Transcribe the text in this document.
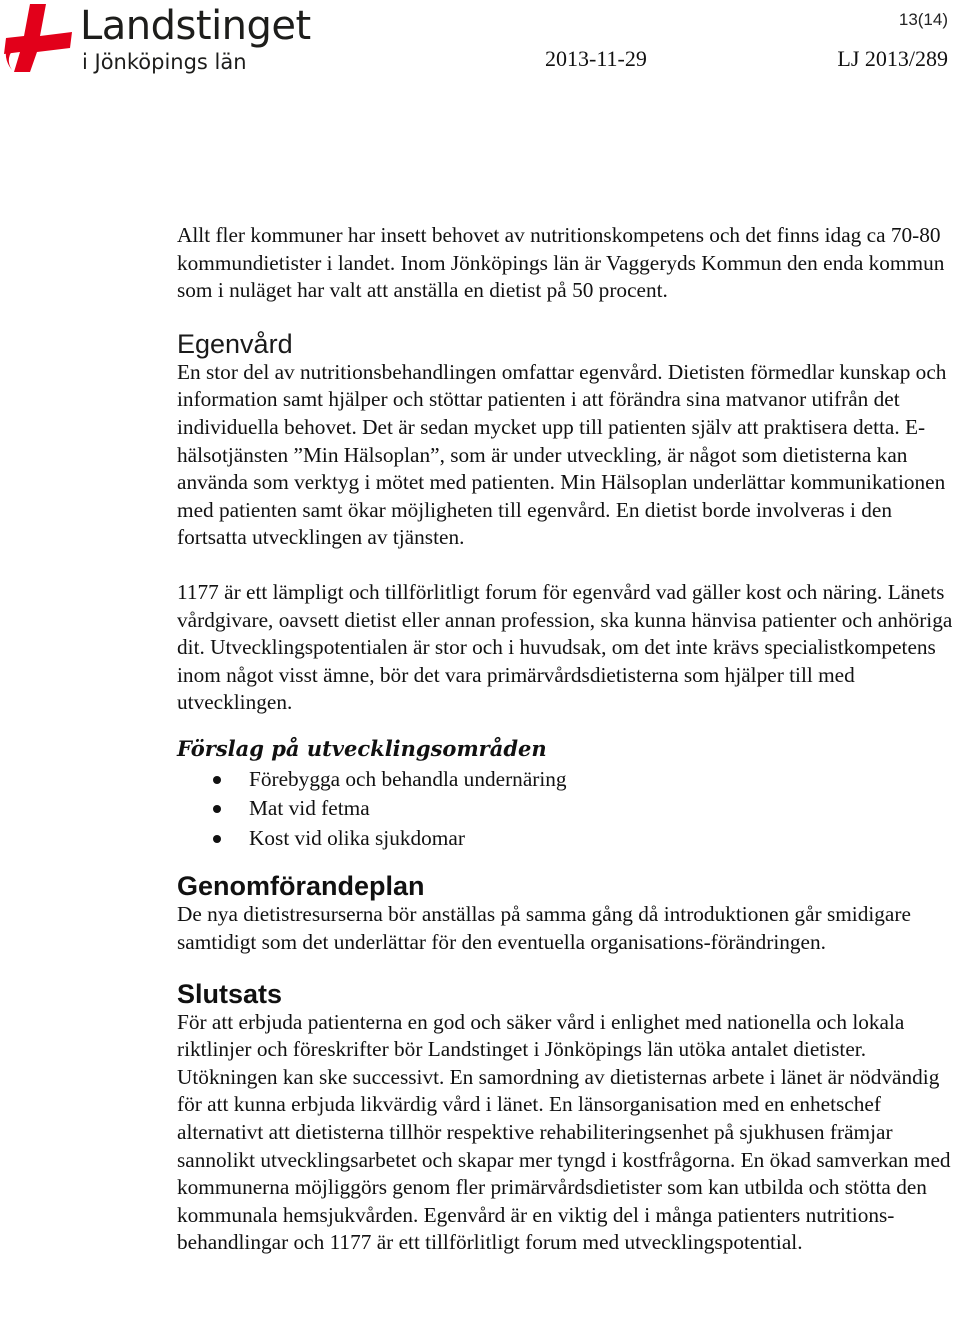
Landstinget
i Jönköpings län
13(14)
2013-11-29	LJ 2013/289

Allt fler kommuner har insett behovet av nutritionskompetens och det finns idag ca 70-80 kommundietister i landet. Inom Jönköpings län är Vaggeryds Kommun den enda kommun som i nuläget har valt att anställa en dietist på 50 procent.

Egenvård

En stor del av nutritionsbehandlingen omfattar egenvård. Dietisten förmedlar kunskap och information samt hjälper och stöttar patienten i att förändra sina matvanor utifrån det individuella behovet. Det är sedan mycket upp till patienten själv att praktisera detta. E-hälsotjänsten ”Min Hälsoplan”, som är under utveckling, är något som dietisterna kan använda som verktyg i mötet med patienten. Min Hälsoplan underlättar kommunikationen med patienten samt ökar möjligheten till egenvård. En dietist borde involveras i den fortsatta utvecklingen av tjänsten.

1177 är ett lämpligt och tillförlitligt forum för egenvård vad gäller kost och näring. Länets vårdgivare, oavsett dietist eller annan profession, ska kunna hänvisa patienter och anhöriga dit. Utvecklingspotentialen är stor och i huvudsak, om det inte krävs specialistkompetens inom något visst ämne, bör det vara primärvårdsdietisterna som hjälper till med utvecklingen.

Förslag på utvecklingsområden
Förebygga och behandla undernäring
Mat vid fetma
Kost vid olika sjukdomar
Genomförandeplan

De nya dietistresurserna bör anställas på samma gång då introduktionen går smidigare samtidigt som det underlättar för den eventuella organisations-förändringen.

Slutsats

För att erbjuda patienterna en god och säker vård i enlighet med nationella och lokala riktlinjer och föreskrifter bör Landstinget i Jönköpings län utöka antalet dietister. Utökningen kan ske successivt. En samordning av dietisternas arbete i länet är nödvändig för att kunna erbjuda likvärdig vård i länet. En länsorganisation med en enhetschef alternativt att dietisterna tillhör respektive rehabiliteringsenhet på sjukhusen främjar sannolikt utvecklingsarbetet och skapar mer tyngd i kostfrågorna. En ökad samverkan med kommunerna möjliggörs genom fler primärvårdsdietister som kan utbilda och stötta den kommunala hemsjukvården. Egenvård är en viktig del i många patienters nutritions-behandlingar och 1177 är ett tillförlitligt forum med utvecklingspotential.
